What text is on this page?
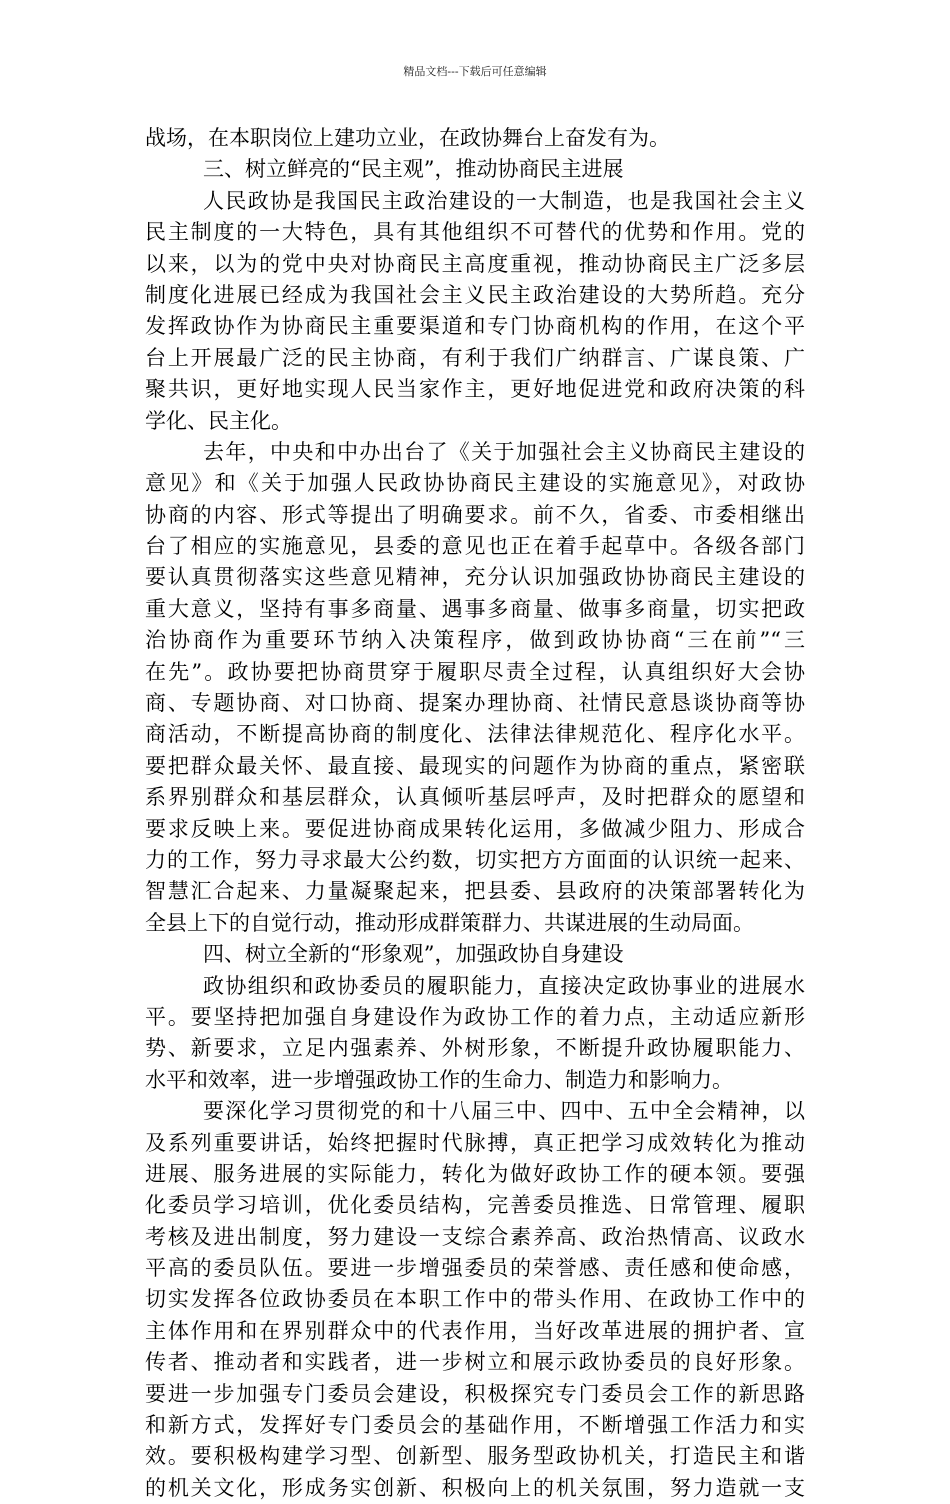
精品文档---下载后可任意编辑
战场，在本职岗位上建功立业，在政协舞台上奋发有为。
三、树立鲜亮的“民主观”，推动协商民主进展
人民政协是我国民主政治建设的一大制造，也是我国社会主义
民主制度的一大特色，具有其他组织不可替代的优势和作用。党的
以来，以为的党中央对协商民主高度重视，推动协商民主广泛多层
制度化进展已经成为我国社会主义民主政治建设的大势所趋。充分
发挥政协作为协商民主重要渠道和专门协商机构的作用，在这个平
台上开展最广泛的民主协商，有利于我们广纳群言、广谋良策、广
聚共识，更好地实现人民当家作主，更好地促进党和政府决策的科
学化、民主化。
去年，中央和中办出台了《关于加强社会主义协商民主建设的
意见》和《关于加强人民政协协商民主建设的实施意见》，对政协
协商的内容、形式等提出了明确要求。前不久，省委、市委相继出
台了相应的实施意见，县委的意见也正在着手起草中。各级各部门
要认真贯彻落实这些意见精神，充分认识加强政协协商民主建设的
重大意义，坚持有事多商量、遇事多商量、做事多商量，切实把政
治协商作为重要环节纳入决策程序，做到政协协商“三在前”“三
在先”。政协要把协商贯穿于履职尽责全过程，认真组织好大会协
商、专题协商、对口协商、提案办理协商、社情民意恳谈协商等协
商活动，不断提高协商的制度化、法律法律规范化、程序化水平。
要把群众最关怀、最直接、最现实的问题作为协商的重点，紧密联
系界别群众和基层群众，认真倾听基层呼声，及时把群众的愿望和
要求反映上来。要促进协商成果转化运用，多做减少阻力、形成合
力的工作，努力寻求最大公约数，切实把方方面面的认识统一起来、
智慧汇合起来、力量凝聚起来，把县委、县政府的决策部署转化为
全县上下的自觉行动，推动形成群策群力、共谋进展的生动局面。
四、树立全新的“形象观”，加强政协自身建设
政协组织和政协委员的履职能力，直接决定政协事业的进展水
平。要坚持把加强自身建设作为政协工作的着力点，主动适应新形
势、新要求，立足内强素养、外树形象，不断提升政协履职能力、
水平和效率，进一步增强政协工作的生命力、制造力和影响力。
要深化学习贯彻党的和十八届三中、四中、五中全会精神，以
及系列重要讲话，始终把握时代脉搏，真正把学习成效转化为推动
进展、服务进展的实际能力，转化为做好政协工作的硬本领。要强
化委员学习培训，优化委员结构，完善委员推选、日常管理、履职
考核及进出制度，努力建设一支综合素养高、政治热情高、议政水
平高的委员队伍。要进一步增强委员的荣誉感、责任感和使命感，
切实发挥各位政协委员在本职工作中的带头作用、在政协工作中的
主体作用和在界别群众中的代表作用，当好改革进展的拥护者、宣
传者、推动者和实践者，进一步树立和展示政协委员的良好形象。
要进一步加强专门委员会建设，积极探究专门委员会工作的新思路
和新方式，发挥好专门委员会的基础作用，不断增强工作活力和实
效。要积极构建学习型、创新型、服务型政协机关，打造民主和谐
的机关文化，形成务实创新、积极向上的机关氛围，努力造就一支
